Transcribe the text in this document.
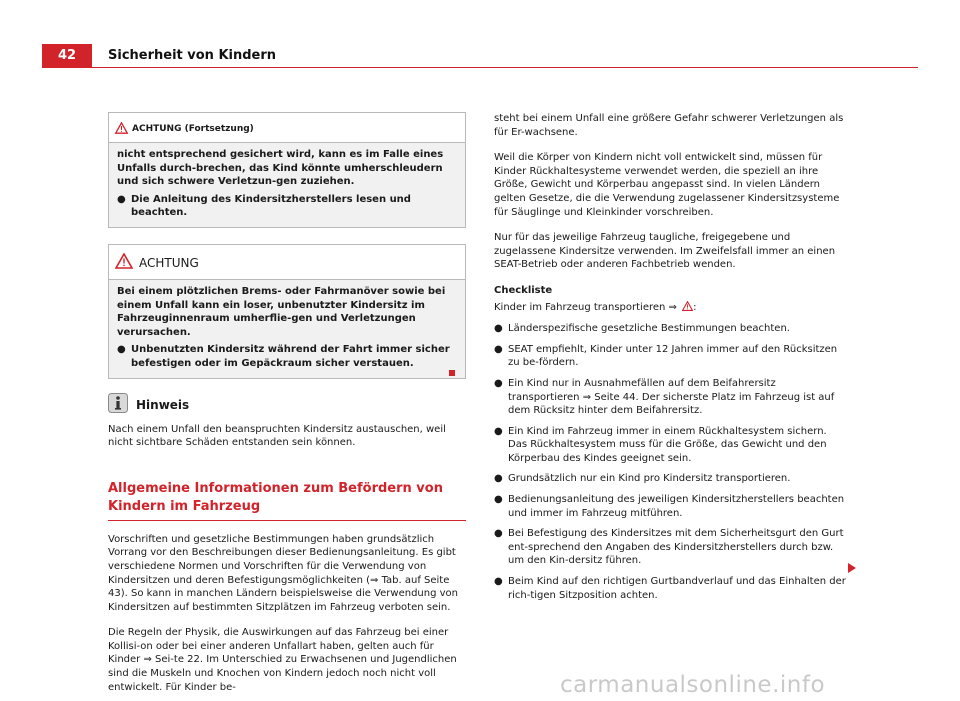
42	Sicherheit von Kindern
ACHTUNG (Fortsetzung)

nicht entsprechend gesichert wird, kann es im Falle eines Unfalls durch-brechen, das Kind könnte umherschleudern und sich schwere Verletzun-gen zuziehen.

● Die Anleitung des Kindersitzherstellers lesen und beachten.
ACHTUNG

Bei einem plötzlichen Brems- oder Fahrmanöver sowie bei einem Unfall kann ein loser, unbenutzter Kindersitz im Fahrzeuginnenraum umherflie-gen und Verletzungen verursachen.

● Unbenutzten Kindersitz während der Fahrt immer sicher befestigen oder im Gepäckraum sicher verstauen.
Hinweis

Nach einem Unfall den beanspruchten Kindersitz austauschen, weil nicht sichtbare Schäden entstanden sein können.

Allgemeine Informationen zum Befördern von Kindern im Fahrzeug

Vorschriften und gesetzliche Bestimmungen haben grundsätzlich Vorrang vor den Beschreibungen dieser Bedienungsanleitung. Es gibt verschiedene Normen und Vorschriften für die Verwendung von Kindersitzen und deren Befestigungsmöglichkeiten (⇒ Tab. auf Seite 43). So kann in manchen Ländern beispielsweise die Verwendung von Kindersitzen auf bestimmten Sitzplätzen im Fahrzeug verboten sein.

Die Regeln der Physik, die Auswirkungen auf das Fahrzeug bei einer Kollisi-on oder bei einer anderen Unfallart haben, gelten auch für Kinder ⇒ Sei-te 22. Im Unterschied zu Erwachsenen und Jugendlichen sind die Muskeln und Knochen von Kindern jedoch noch nicht voll entwickelt. Für Kinder be-

steht bei einem Unfall eine größere Gefahr schwerer Verletzungen als für Er-wachsene.

Weil die Körper von Kindern nicht voll entwickelt sind, müssen für Kinder Rückhaltesysteme verwendet werden, die speziell an ihre Größe, Gewicht und Körperbau angepasst sind. In vielen Ländern gelten Gesetze, die die Verwendung zugelassener Kindersitzsysteme für Säuglinge und Kleinkinder vorschreiben.

Nur für das jeweilige Fahrzeug taugliche, freigegebene und zugelassene Kindersitze verwenden. Im Zweifelsfall immer an einen SEAT-Betrieb oder anderen Fachbetrieb wenden.

Checkliste

Kinder im Fahrzeug transportieren ⇒ :

● Länderspezifische gesetzliche Bestimmungen beachten.
● SEAT empfiehlt, Kinder unter 12 Jahren immer auf den Rücksitzen zu be-fördern.
● Ein Kind nur in Ausnahmefällen auf dem Beifahrersitz transportieren ⇒ Seite 44. Der sicherste Platz im Fahrzeug ist auf dem Rücksitz hinter dem Beifahrersitz.
● Ein Kind im Fahrzeug immer in einem Rückhaltesystem sichern. Das Rückhaltesystem muss für die Größe, das Gewicht und den Körperbau des Kindes geeignet sein.
● Grundsätzlich nur ein Kind pro Kindersitz transportieren.
● Bedienungsanleitung des jeweiligen Kindersitzherstellers beachten und immer im Fahrzeug mitführen.
● Bei Befestigung des Kindersitzes mit dem Sicherheitsgurt den Gurt ent-sprechend den Angaben des Kindersitzherstellers durch bzw. um den Kin-dersitz führen.
● Beim Kind auf den richtigen Gurtbandverlauf und das Einhalten der rich-tigen Sitzposition achten.
carmanualsonline.info
